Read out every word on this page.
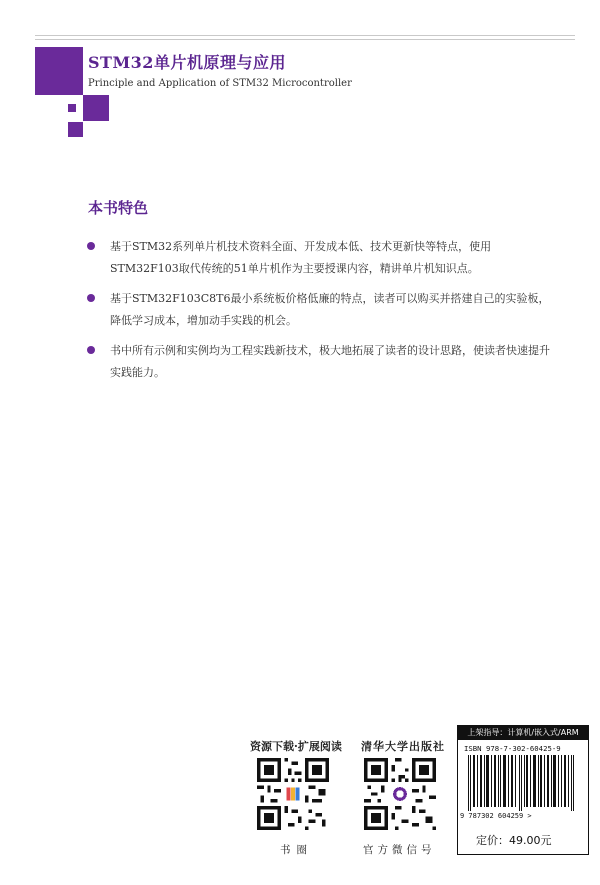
STM32单片机原理与应用
Principle and Application of STM32 Microcontroller
本书特色
基于STM32系列单片机技术资料全面、开发成本低、技术更新快等特点，使用STM32F103取代传统的51单片机作为主要授课内容，精讲单片机知识点。
基于STM32F103C8T6最小系统板价格低廉的特点，读者可以购买并搭建自己的实验板，降低学习成本，增加动手实践的机会。
书中所有示例和实例均为工程实践新技术，极大地拓展了读者的设计思路，使读者快速提升实践能力。
资源下载·扩展阅读
书圈
清华大学出版社
官方微信号
上架指导：计算机/嵌入式/ARM
ISBN 978-7-302-60425-9
9 787302 604259 >
定价：49.00元
